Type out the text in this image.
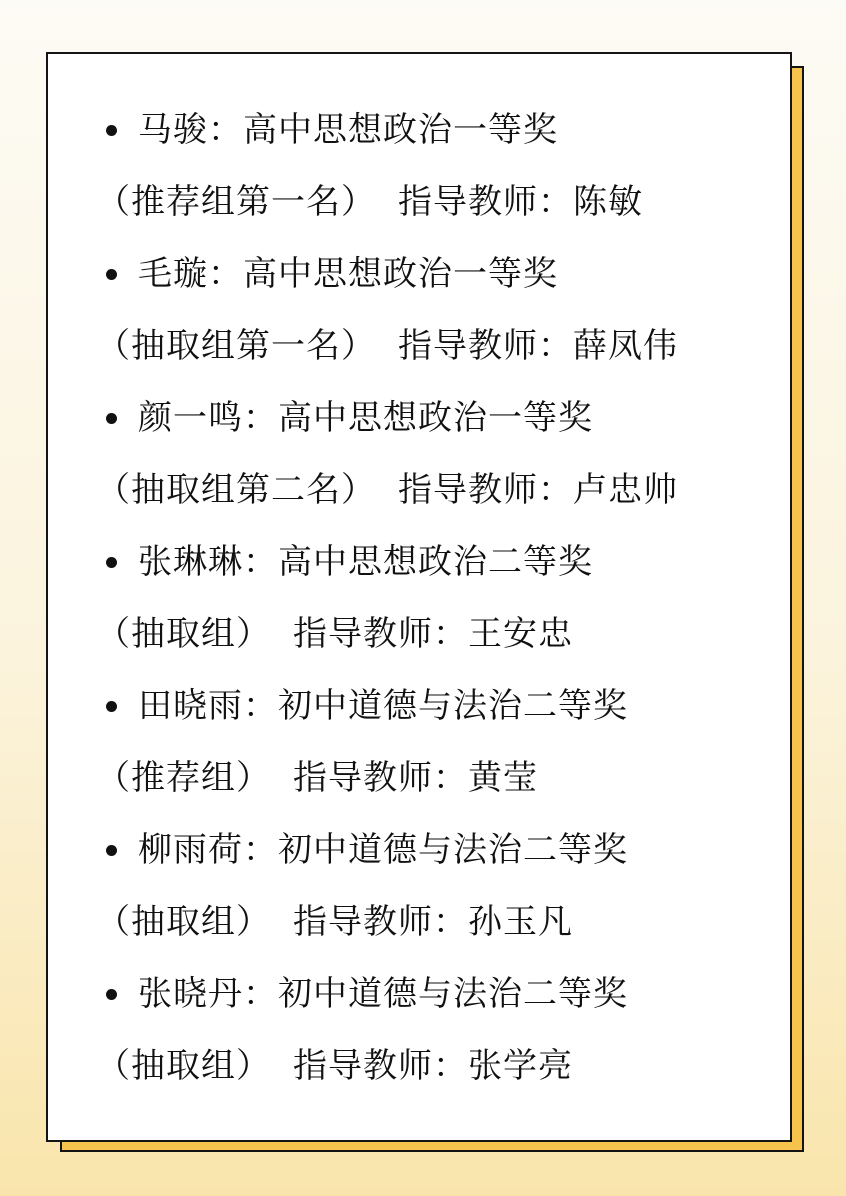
马骏：高中思想政治一等奖
（推荐组第一名） 指导教师：陈敏
毛璇：高中思想政治一等奖
（抽取组第一名） 指导教师：薛凤伟
颜一鸣：高中思想政治一等奖
（抽取组第二名） 指导教师：卢忠帅
张琳琳：高中思想政治二等奖
（抽取组） 指导教师：王安忠
田晓雨：初中道德与法治二等奖
（推荐组） 指导教师：黄莹
柳雨荷：初中道德与法治二等奖
（抽取组） 指导教师：孙玉凡
张晓丹：初中道德与法治二等奖
（抽取组） 指导教师：张学亮
